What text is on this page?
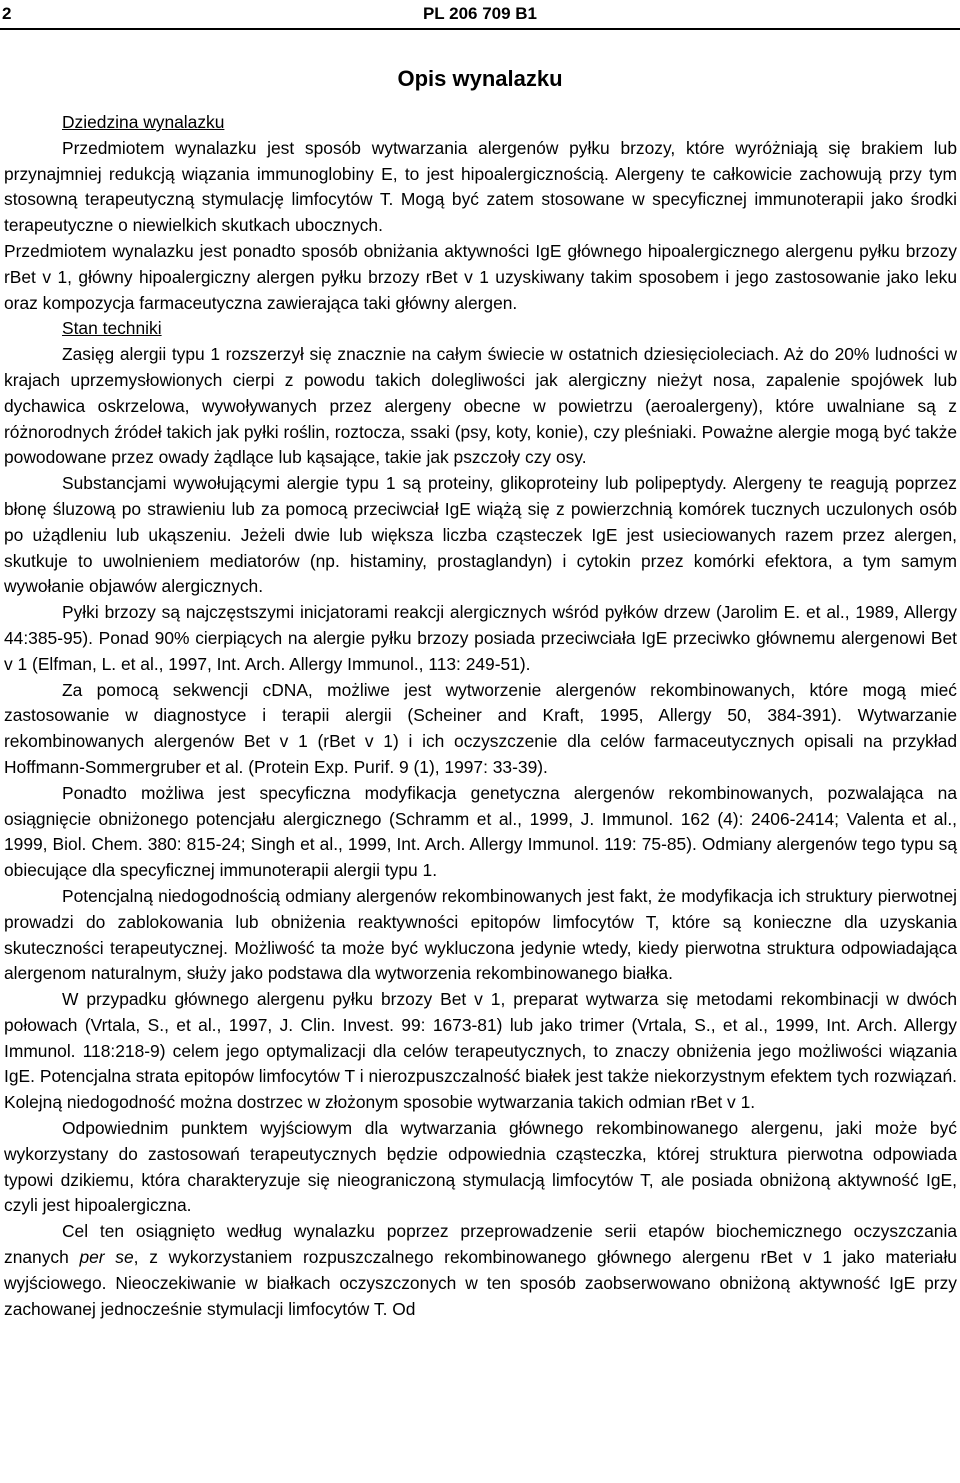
2	PL 206 709 B1
Opis wynalazku

Dziedzina wynalazku

Przedmiotem wynalazku jest sposób wytwarzania alergenów pyłku brzozy, które wyróżniają się brakiem lub przynajmniej redukcją wiązania immunoglobiny E, to jest hipoalergicznością. Alergeny te całkowicie zachowują przy tym stosowną terapeutyczną stymulację limfocytów T. Mogą być zatem stosowane w specyficznej immunoterapii jako środki terapeutyczne o niewielkich skutkach ubocznych.

Przedmiotem wynalazku jest ponadto sposób obniżania aktywności IgE głównego hipoalergicznego alergenu pyłku brzozy rBet v 1, główny hipoalergiczny alergen pyłku brzozy rBet v 1 uzyskiwany takim sposobem i jego zastosowanie jako leku oraz kompozycja farmaceutyczna zawierająca taki główny alergen.

Stan techniki

Zasięg alergii typu 1 rozszerzył się znacznie na całym świecie w ostatnich dziesięcioleciach. Aż do 20% ludności w krajach uprzemysłowionych cierpi z powodu takich dolegliwości jak alergiczny nieżyt nosa, zapalenie spojówek lub dychawica oskrzelowa, wywoływanych przez alergeny obecne w powietrzu (aeroalergeny), które uwalniane są z różnorodnych źródeł takich jak pyłki roślin, roztocza, ssaki (psy, koty, konie), czy pleśniaki. Poważne alergie mogą być także powodowane przez owady żądlące lub kąsające, takie jak pszczoły czy osy.

Substancjami wywołującymi alergie typu 1 są proteiny, glikoproteiny lub polipeptydy. Alergeny te reagują poprzez błonę śluzową po strawieniu lub za pomocą przeciwciał IgE wiążą się z powierzchnią komórek tucznych uczulonych osób po użądleniu lub ukąszeniu. Jeżeli dwie lub większa liczba cząsteczek IgE jest usieciowanych razem przez alergen, skutkuje to uwolnieniem mediatorów (np. histaminy, prostaglandyn) i cytokin przez komórki efektora, a tym samym wywołanie objawów alergicznych.

Pyłki brzozy są najczęstszymi inicjatorami reakcji alergicznych wśród pyłków drzew (Jarolim E. et al., 1989, Allergy 44:385-95). Ponad 90% cierpiących na alergie pyłku brzozy posiada przeciwciała IgE przeciwko głównemu alergenowi Bet v 1 (Elfman, L. et al., 1997, Int. Arch. Allergy Immunol., 113: 249-51).

Za pomocą sekwencji cDNA, możliwe jest wytworzenie alergenów rekombinowanych, które mogą mieć zastosowanie w diagnostyce i terapii alergii (Scheiner and Kraft, 1995, Allergy 50, 384-391). Wytwarzanie rekombinowanych alergenów Bet v 1 (rBet v 1) i ich oczyszczenie dla celów farmaceutycznych opisali na przykład Hoffmann-Sommergruber et al. (Protein Exp. Purif. 9 (1), 1997: 33-39).

Ponadto możliwa jest specyficzna modyfikacja genetyczna alergenów rekombinowanych, pozwalająca na osiągnięcie obniżonego potencjału alergicznego (Schramm et al., 1999, J. Immunol. 162 (4): 2406-2414; Valenta et al., 1999, Biol. Chem. 380: 815-24; Singh et al., 1999, Int. Arch. Allergy Immunol. 119: 75-85). Odmiany alergenów tego typu są obiecujące dla specyficznej immunoterapii alergii typu 1.

Potencjalną niedogodnością odmiany alergenów rekombinowanych jest fakt, że modyfikacja ich struktury pierwotnej prowadzi do zablokowania lub obniżenia reaktywności epitopów limfocytów T, które są konieczne dla uzyskania skuteczności terapeutycznej. Możliwość ta może być wykluczona jedynie wtedy, kiedy pierwotna struktura odpowiadająca alergenom naturalnym, służy jako podstawa dla wytworzenia rekombinowanego białka.

W przypadku głównego alergenu pyłku brzozy Bet v 1, preparat wytwarza się metodami rekombinacji w dwóch połowach (Vrtala, S., et al., 1997, J. Clin. Invest. 99: 1673-81) lub jako trimer (Vrtala, S., et al., 1999, Int. Arch. Allergy Immunol. 118:218-9) celem jego optymalizacji dla celów terapeutycznych, to znaczy obniżenia jego możliwości wiązania IgE. Potencjalna strata epitopów limfocytów T i nierozpuszczalność białek jest także niekorzystnym efektem tych rozwiązań. Kolejną niedogodność można dostrzec w złożonym sposobie wytwarzania takich odmian rBet v 1.

Odpowiednim punktem wyjściowym dla wytwarzania głównego rekombinowanego alergenu, jaki może być wykorzystany do zastosowań terapeutycznych będzie odpowiednia cząsteczka, której struktura pierwotna odpowiada typowi dzikiemu, która charakteryzuje się nieograniczoną stymulacją limfocytów T, ale posiada obniżoną aktywność IgE, czyli jest hipoalergiczna.

Cel ten osiągnięto według wynalazku poprzez przeprowadzenie serii etapów biochemicznego oczyszczania znanych per se, z wykorzystaniem rozpuszczalnego rekombinowanego głównego alergenu rBet v 1 jako materiału wyjściowego. Nieoczekiwanie w białkach oczyszczonych w ten sposób zaobserwowano obniżoną aktywność IgE przy zachowanej jednocześnie stymulacji limfocytów T. Od
